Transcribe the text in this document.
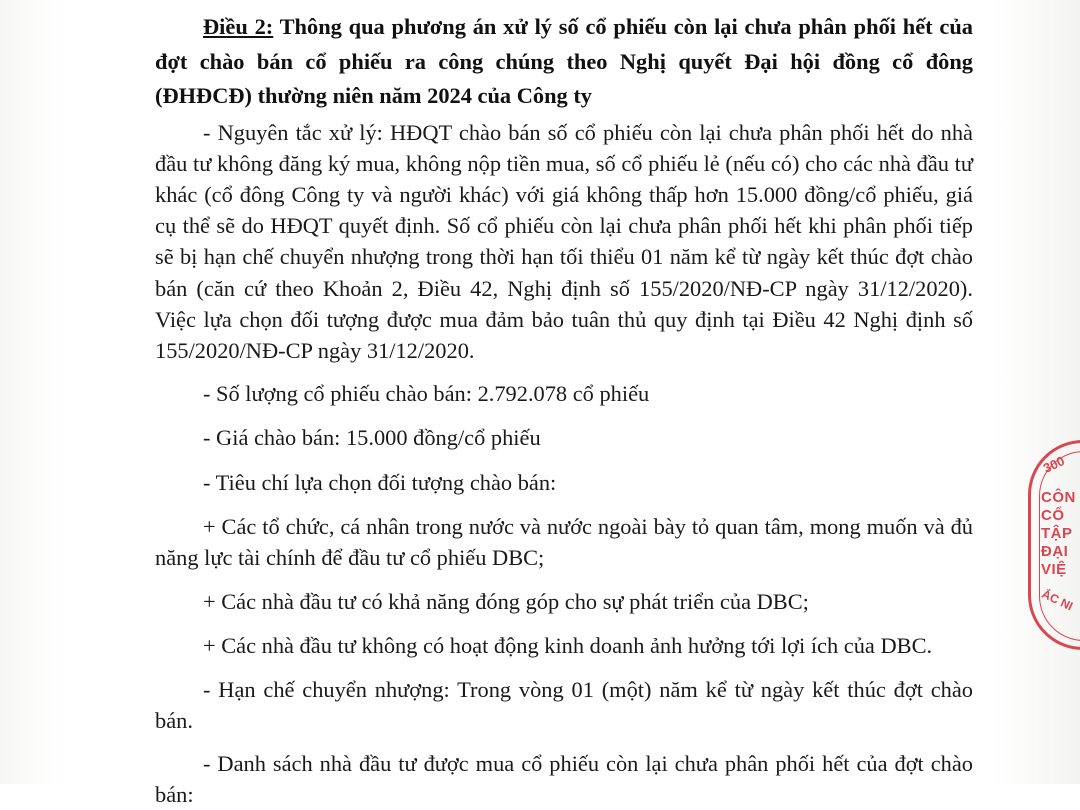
Điều 2: Thông qua phương án xử lý số cổ phiếu còn lại chưa phân phối hết của đợt chào bán cổ phiếu ra công chúng theo Nghị quyết Đại hội đồng cổ đông (ĐHĐCĐ) thường niên năm 2024 của Công ty

- Nguyên tắc xử lý: HĐQT chào bán số cổ phiếu còn lại chưa phân phối hết do nhà đầu tư không đăng ký mua, không nộp tiền mua, số cổ phiếu lẻ (nếu có) cho các nhà đầu tư khác (cổ đông Công ty và người khác) với giá không thấp hơn 15.000 đồng/cổ phiếu, giá cụ thể sẽ do HĐQT quyết định. Số cổ phiếu còn lại chưa phân phối hết khi phân phối tiếp sẽ bị hạn chế chuyển nhượng trong thời hạn tối thiểu 01 năm kể từ ngày kết thúc đợt chào bán (căn cứ theo Khoản 2, Điều 42, Nghị định số 155/2020/NĐ-CP ngày 31/12/2020). Việc lựa chọn đối tượng được mua đảm bảo tuân thủ quy định tại Điều 42 Nghị định số 155/2020/NĐ-CP ngày 31/12/2020.

- Số lượng cổ phiếu chào bán: 2.792.078 cổ phiếu

- Giá chào bán: 15.000 đồng/cổ phiếu

- Tiêu chí lựa chọn đối tượng chào bán:

+ Các tổ chức, cá nhân trong nước và nước ngoài bày tỏ quan tâm, mong muốn và đủ năng lực tài chính để đầu tư cổ phiếu DBC;

+ Các nhà đầu tư có khả năng đóng góp cho sự phát triển của DBC;

+ Các nhà đầu tư không có hoạt động kinh doanh ảnh hưởng tới lợi ích của DBC.

- Hạn chế chuyển nhượng: Trong vòng 01 (một) năm kể từ ngày kết thúc đợt chào bán.

- Danh sách nhà đầu tư được mua cổ phiếu còn lại chưa phân phối hết của đợt chào bán:

300
CÔN
CỔ
TẬP
ĐẠI
VIỆ
ẮC NI
